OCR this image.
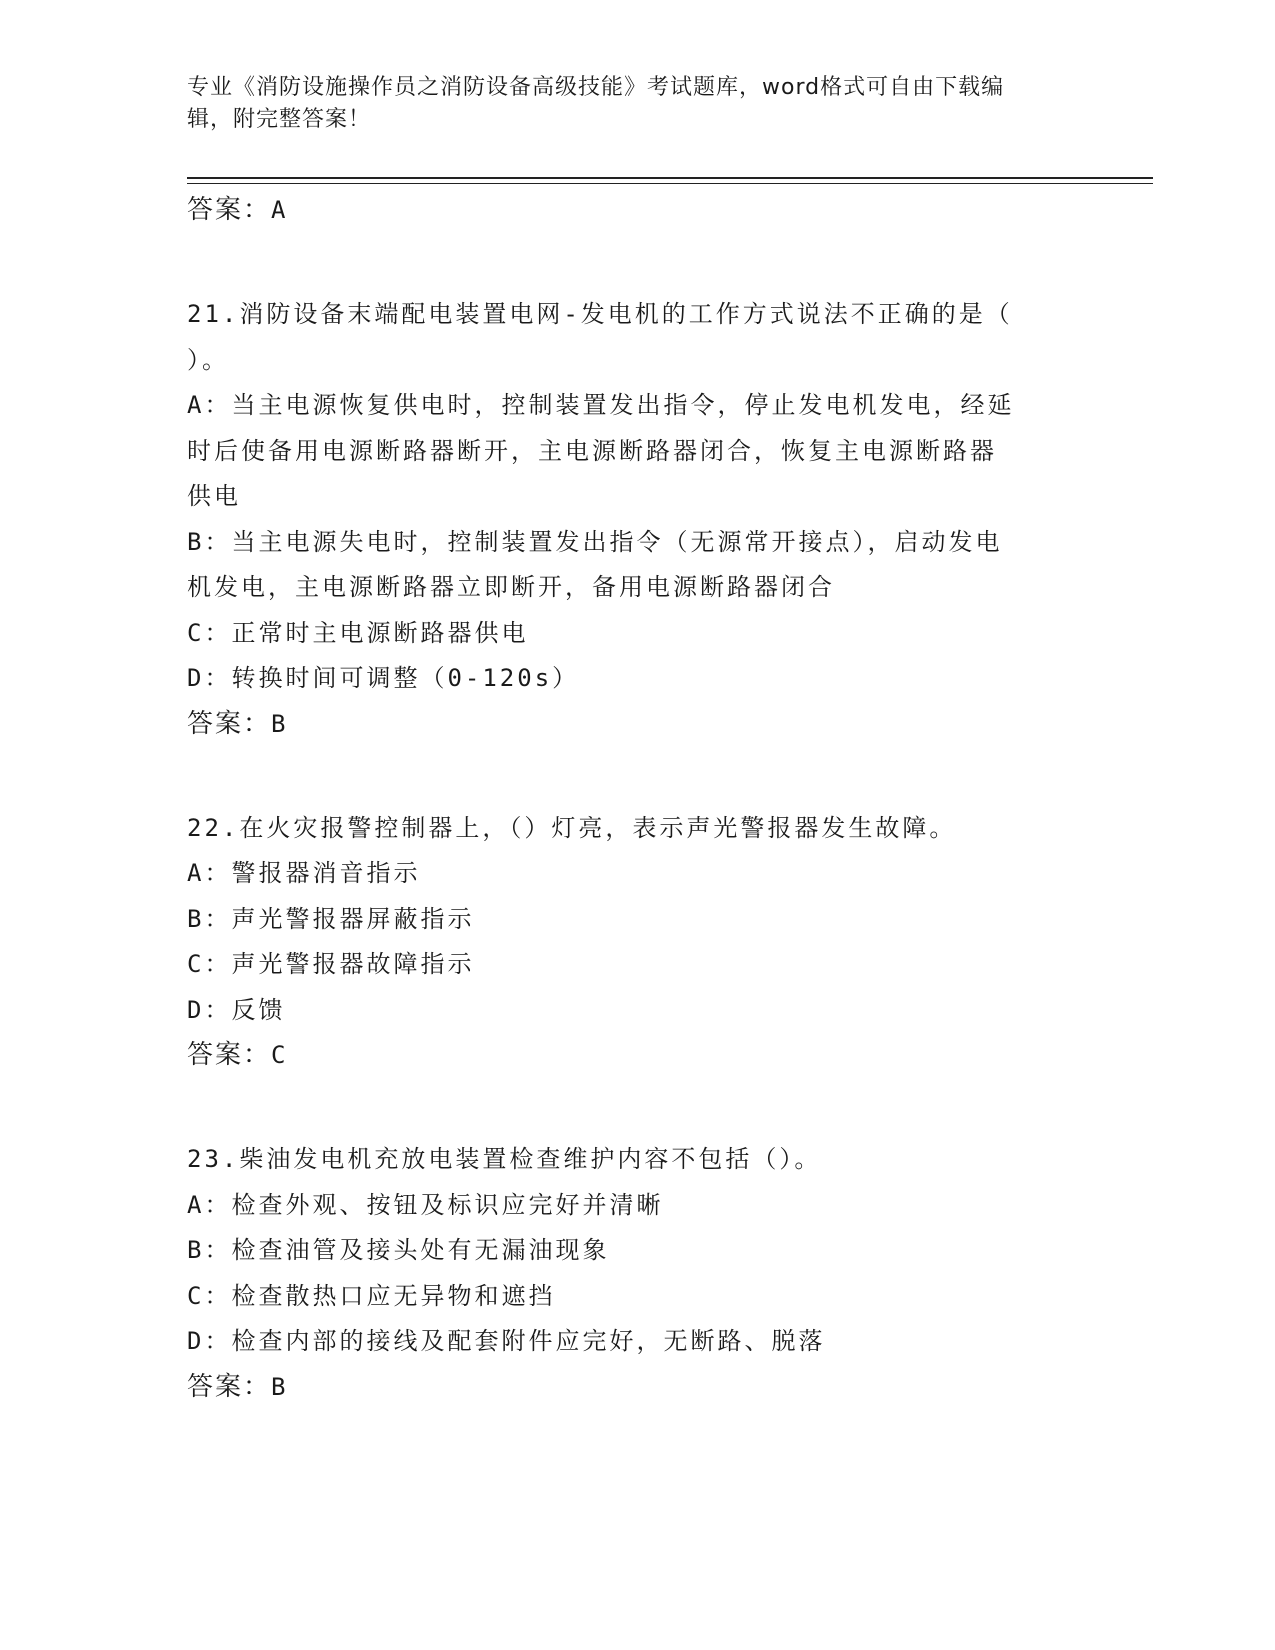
专业《消防设施操作员之消防设备高级技能》考试题库，word格式可自由下载编
辑，附完整答案！
答案：A
21.消防设备末端配电装置电网-发电机的工作方式说法不正确的是（
）。
A：当主电源恢复供电时，控制装置发出指令，停止发电机发电，经延
时后使备用电源断路器断开，主电源断路器闭合，恢复主电源断路器
供电
B：当主电源失电时，控制装置发出指令（无源常开接点），启动发电
机发电，主电源断路器立即断开，备用电源断路器闭合
C：正常时主电源断路器供电
D：转换时间可调整（0-120s）
答案：B
22.在火灾报警控制器上，（）灯亮，表示声光警报器发生故障。
A：警报器消音指示
B：声光警报器屏蔽指示
C：声光警报器故障指示
D：反馈
答案：C
23.柴油发电机充放电装置检查维护内容不包括（）。
A：检查外观、按钮及标识应完好并清晰
B：检查油管及接头处有无漏油现象
C：检查散热口应无异物和遮挡
D：检查内部的接线及配套附件应完好，无断路、脱落
答案：B
